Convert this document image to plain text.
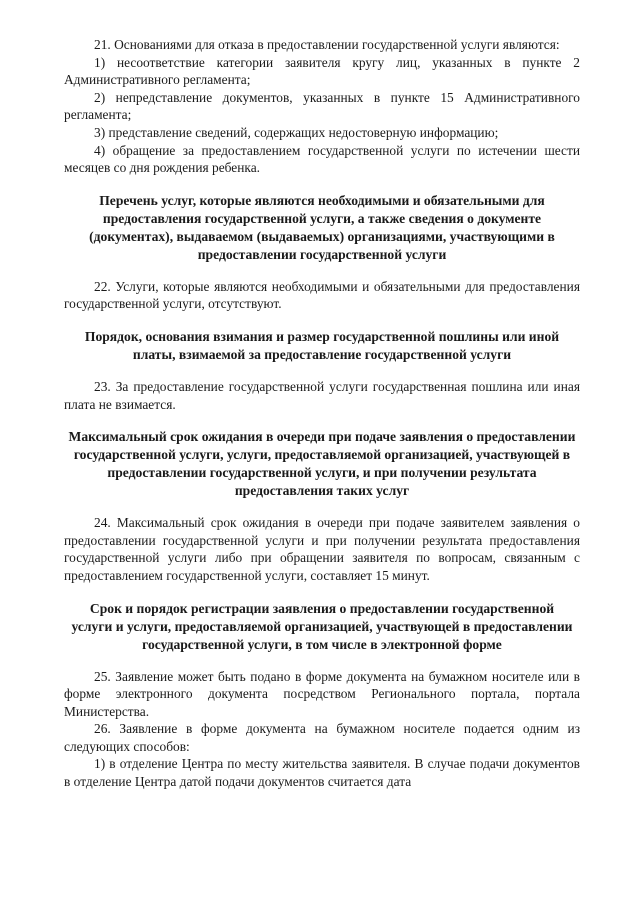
21. Основаниями для отказа в предоставлении государственной услуги являются:

1) несоответствие категории заявителя кругу лиц, указанных в пункте 2 Административного регламента;

2) непредставление документов, указанных в пункте 15 Административного регламента;

3) представление сведений, содержащих недостоверную информацию;

4) обращение за предоставлением государственной услуги по истечении шести месяцев со дня рождения ребенка.

Перечень услуг, которые являются необходимыми и обязательными для предоставления государственной услуги, а также сведения о документе (документах), выдаваемом (выдаваемых) организациями, участвующими в предоставлении государственной услуги

22. Услуги, которые являются необходимыми и обязательными для предоставления государственной услуги, отсутствуют.

Порядок, основания взимания и размер государственной пошлины или иной платы, взимаемой за предоставление государственной услуги

23. За предоставление государственной услуги государственная пошлина или иная плата не взимается.

Максимальный срок ожидания в очереди при подаче заявления о предоставлении государственной услуги, услуги, предоставляемой организацией, участвующей в предоставлении государственной услуги, и при получении результата предоставления таких услуг

24. Максимальный срок ожидания в очереди при подаче заявителем заявления о предоставлении государственной услуги и при получении результата предоставления государственной услуги либо при обращении заявителя по вопросам, связанным с предоставлением государственной услуги, составляет 15 минут.

Срок и порядок регистрации заявления о предоставлении государственной услуги и услуги, предоставляемой организацией, участвующей в предоставлении государственной услуги, в том числе в электронной форме

25. Заявление может быть подано в форме документа на бумажном носителе или в форме электронного документа посредством Регионального портала, портала Министерства.

26. Заявление в форме документа на бумажном носителе подается одним из следующих способов:

1) в отделение Центра по месту жительства заявителя. В случае подачи документов в отделение Центра датой подачи документов считается дата
